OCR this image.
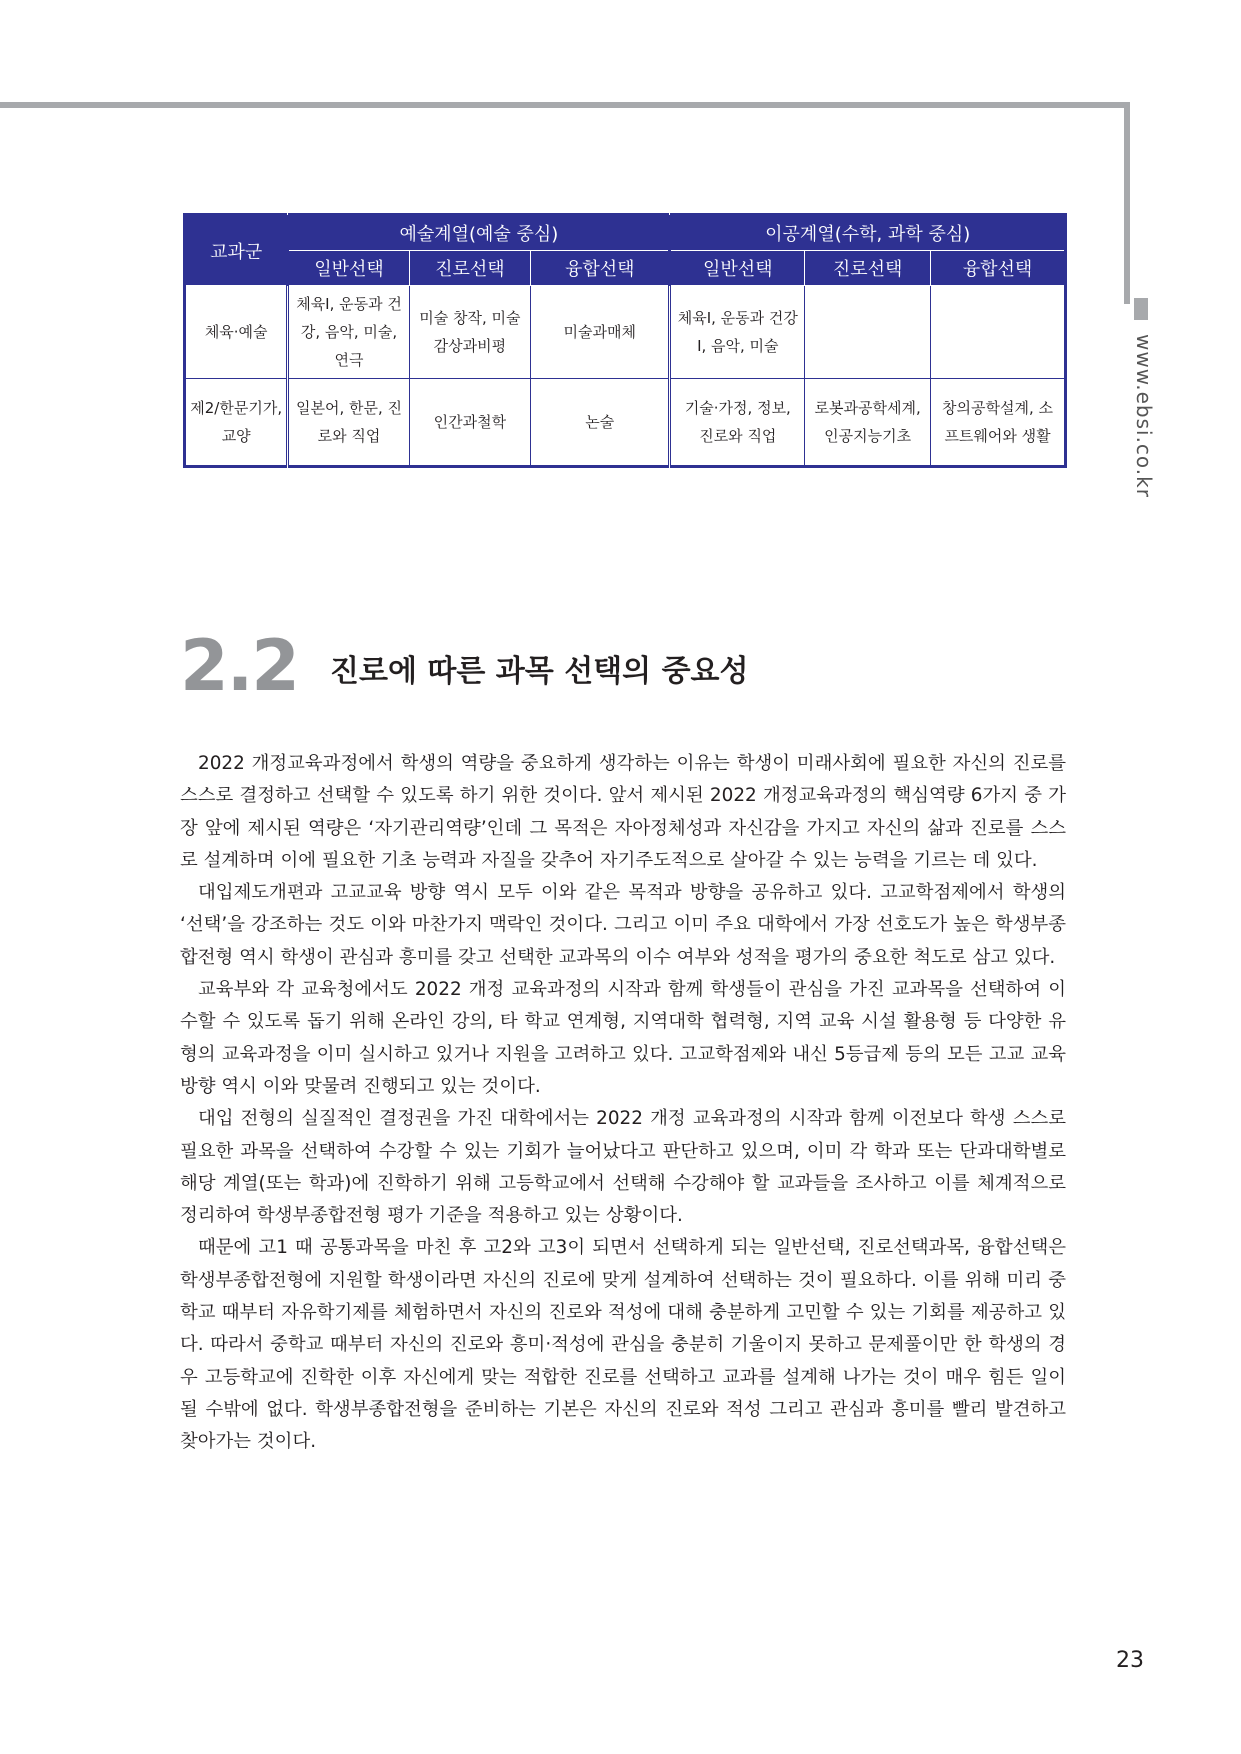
www.ebsi.co.kr
교과군	예술계열(예술 중심)			이공계열(수학, 과학 중심)		
	일반선택	진로선택	융합선택	일반선택	진로선택	융합선택
체육·예술	체육Ⅰ, 운동과 건강, 음악, 미술, 연극	미술 창작, 미술감상과비평	미술과매체	체육Ⅰ, 운동과 건강Ⅰ, 음악, 미술		
제2/한문기가,교양	일본어, 한문, 진로와 직업	인간과철학	논술	기술·가정, 정보, 진로와 직업	로봇과공학세계, 인공지능기초	창의공학설계, 소프트웨어와 생활
2.2 진로에 따른 과목 선택의 중요성

2022 개정교육과정에서 학생의 역량을 중요하게 생각하는 이유는 학생이 미래사회에 필요한 자신의 진로를 스스로 결정하고 선택할 수 있도록 하기 위한 것이다. 앞서 제시된 2022 개정교육과정의 핵심역량 6가지 중 가장 앞에 제시된 역량은 ‘자기관리역량’인데 그 목적은 자아정체성과 자신감을 가지고 자신의 삶과 진로를 스스로 설계하며 이에 필요한 기초 능력과 자질을 갖추어 자기주도적으로 살아갈 수 있는 능력을 기르는 데 있다.

대입제도개편과 고교교육 방향 역시 모두 이와 같은 목적과 방향을 공유하고 있다. 고교학점제에서 학생의 ‘선택’을 강조하는 것도 이와 마찬가지 맥락인 것이다. 그리고 이미 주요 대학에서 가장 선호도가 높은 학생부종합전형 역시 학생이 관심과 흥미를 갖고 선택한 교과목의 이수 여부와 성적을 평가의 중요한 척도로 삼고 있다.

교육부와 각 교육청에서도 2022 개정 교육과정의 시작과 함께 학생들이 관심을 가진 교과목을 선택하여 이수할 수 있도록 돕기 위해 온라인 강의, 타 학교 연계형, 지역대학 협력형, 지역 교육 시설 활용형 등 다양한 유형의 교육과정을 이미 실시하고 있거나 지원을 고려하고 있다. 고교학점제와 내신 5등급제 등의 모든 고교 교육 방향 역시 이와 맞물려 진행되고 있는 것이다.

대입 전형의 실질적인 결정권을 가진 대학에서는 2022 개정 교육과정의 시작과 함께 이전보다 학생 스스로 필요한 과목을 선택하여 수강할 수 있는 기회가 늘어났다고 판단하고 있으며, 이미 각 학과 또는 단과대학별로 해당 계열(또는 학과)에 진학하기 위해 고등학교에서 선택해 수강해야 할 교과들을 조사하고 이를 체계적으로 정리하여 학생부종합전형 평가 기준을 적용하고 있는 상황이다.

때문에 고1 때 공통과목을 마친 후 고2와 고3이 되면서 선택하게 되는 일반선택, 진로선택과목, 융합선택은 학생부종합전형에 지원할 학생이라면 자신의 진로에 맞게 설계하여 선택하는 것이 필요하다. 이를 위해 미리 중학교 때부터 자유학기제를 체험하면서 자신의 진로와 적성에 대해 충분하게 고민할 수 있는 기회를 제공하고 있다. 따라서 중학교 때부터 자신의 진로와 흥미·적성에 관심을 충분히 기울이지 못하고 문제풀이만 한 학생의 경우 고등학교에 진학한 이후 자신에게 맞는 적합한 진로를 선택하고 교과를 설계해 나가는 것이 매우 힘든 일이 될 수밖에 없다. 학생부종합전형을 준비하는 기본은 자신의 진로와 적성 그리고 관심과 흥미를 빨리 발견하고 찾아가는 것이다.

23
